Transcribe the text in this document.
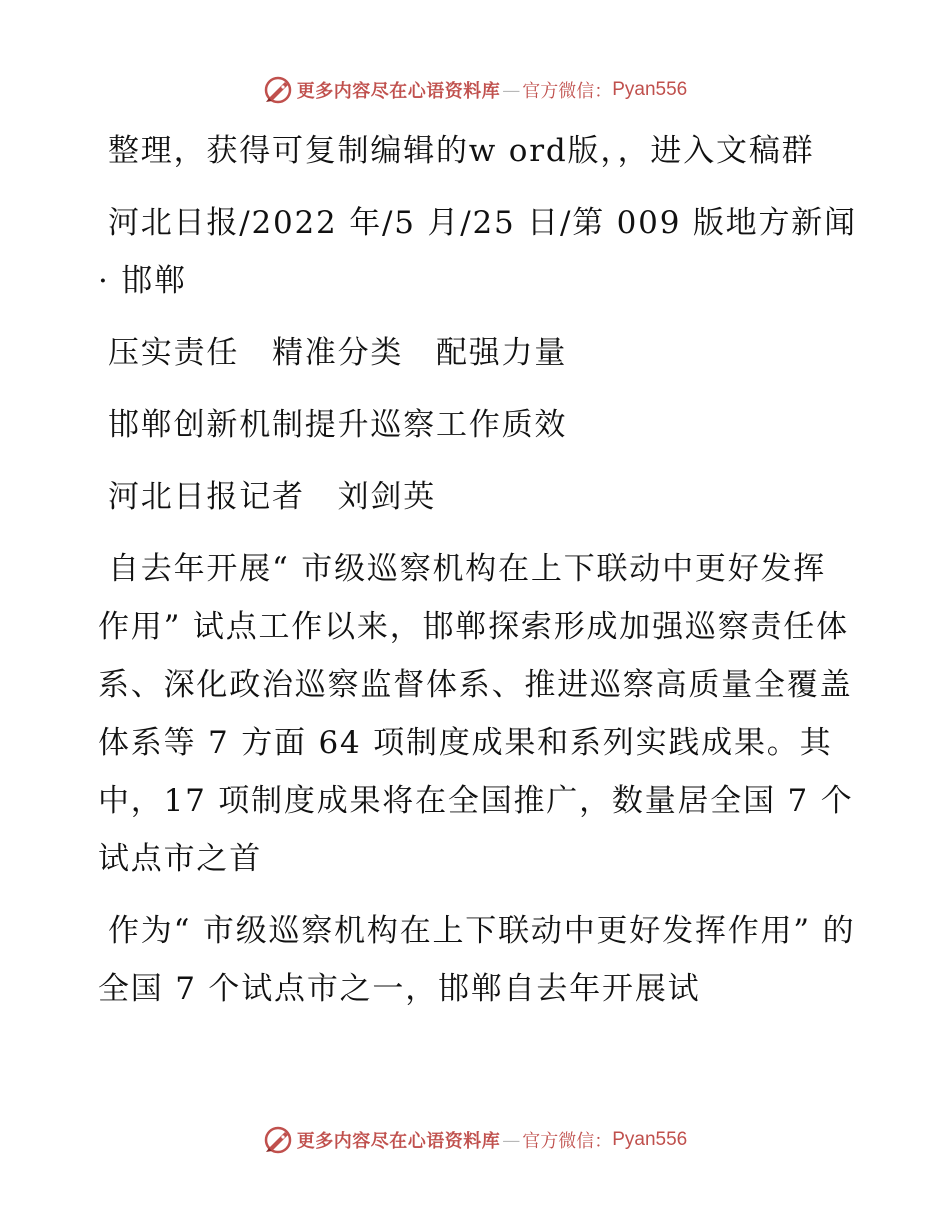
更多内容尽在心语资料库 — 官方微信： Pyan556

整理，获得可复制编辑的w ord版，，进入文稿群

河北日报/2022 年/5 月/25 日/第 009 版地方新闻· 邯郸

压实责任　精准分类　配强力量

邯郸创新机制提升巡察工作质效

河北日报记者　刘剑英

自去年开展“ 市级巡察机构在上下联动中更好发挥作用” 试点工作以来，邯郸探索形成加强巡察责任体系、深化政治巡察监督体系、推进巡察高质量全覆盖体系等 7 方面 64 项制度成果和系列实践成果。其中，17 项制度成果将在全国推广，数量居全国 7 个试点市之首

作为“ 市级巡察机构在上下联动中更好发挥作用” 的全国 7 个试点市之一，邯郸自去年开展试

更多内容尽在心语资料库 — 官方微信： Pyan556
